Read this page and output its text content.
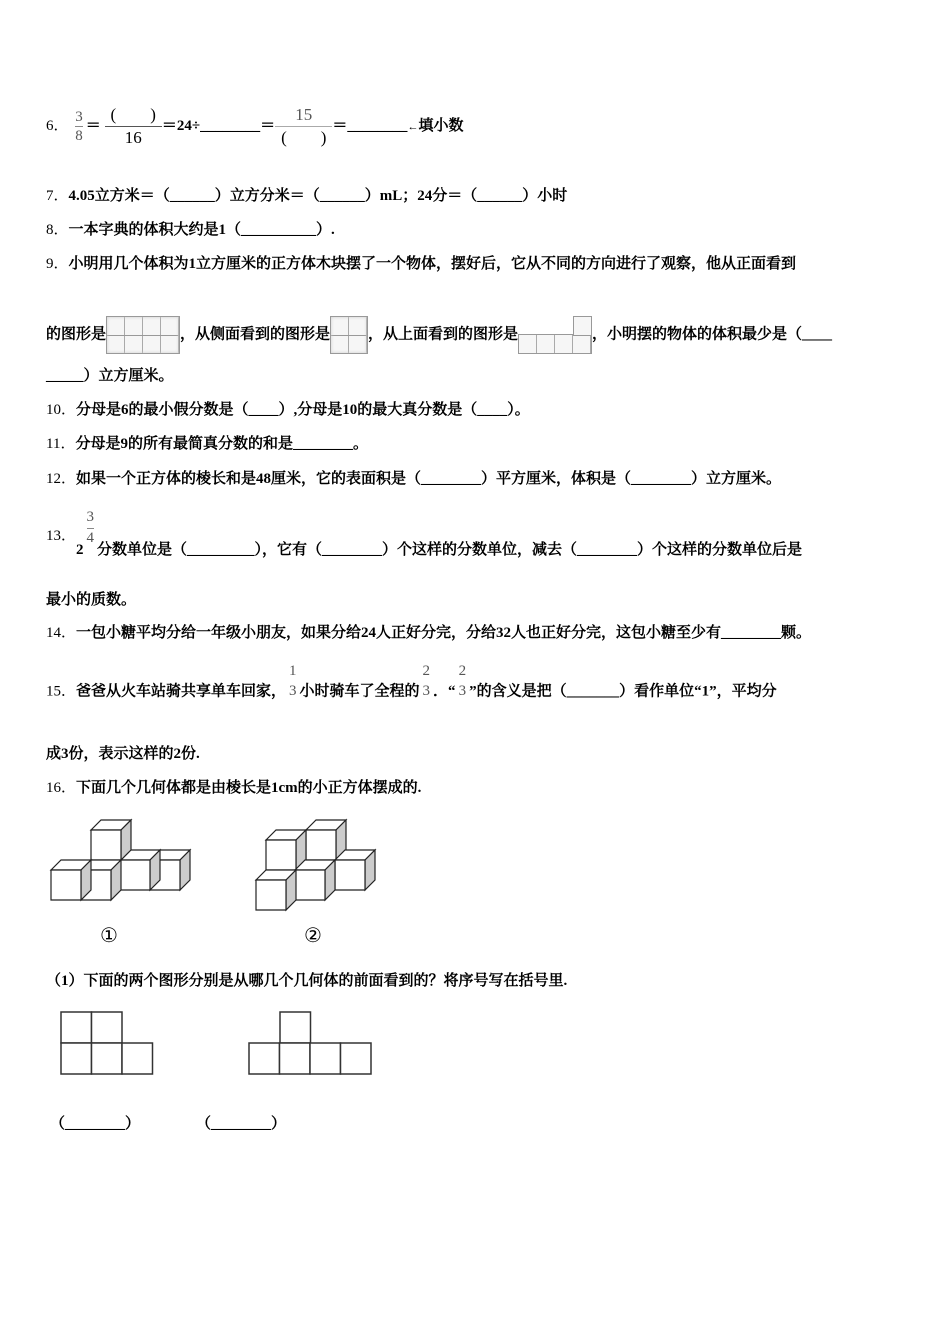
6． $\frac{3}{8}$ ＝
(　　)
16
＝24÷________＝
15
(　　)
＝________←填小数
7．4.05立方米＝（______）立方分米＝（______）mL；24分＝（______）小时
8．一本字典的体积大约是1（__________）.
9．小明用几个体积为1立方厘米的正方体木块摆了一个物体，摆好后，它从不同的方向进行了观察，他从正面看到
的图形是	，从侧面看到的图形是	，从上面看到的图形是	，小明摆的物体的体积最少是（____
_____）立方厘米。
10．分母是6的最小假分数是（____）,分母是10的最大真分数是（____）。
11．分母是9的所有最简真分数的和是________。
12．如果一个正方体的棱长和是48厘米，它的表面积是（________）平方厘米，体积是（________）立方厘米。
13．2
$\frac{3}{4}$
分数单位是（_________），它有（________）个这样的分数单位，减去（________）个这样的分数单位后是
最小的质数。
14．一包小糖平均分给一年级小朋友，如果分给24人正好分完，分给32人也正好分完，这包小糖至少有________颗。
15．爸爸从火车站骑共享单车回家，
1
3 小时骑车了全程的
2
3 ．“
2
3 ”的含义是把（_______）看作单位“1”，平均分
成3份，表示这样的2份.
16．下面几个几何体都是由棱长是1cm的小正方体摆成的.
①	②
（1）下面的两个图形分别是从哪几个几何体的前面看到的？将序号写在括号里.
（________）	（________）
